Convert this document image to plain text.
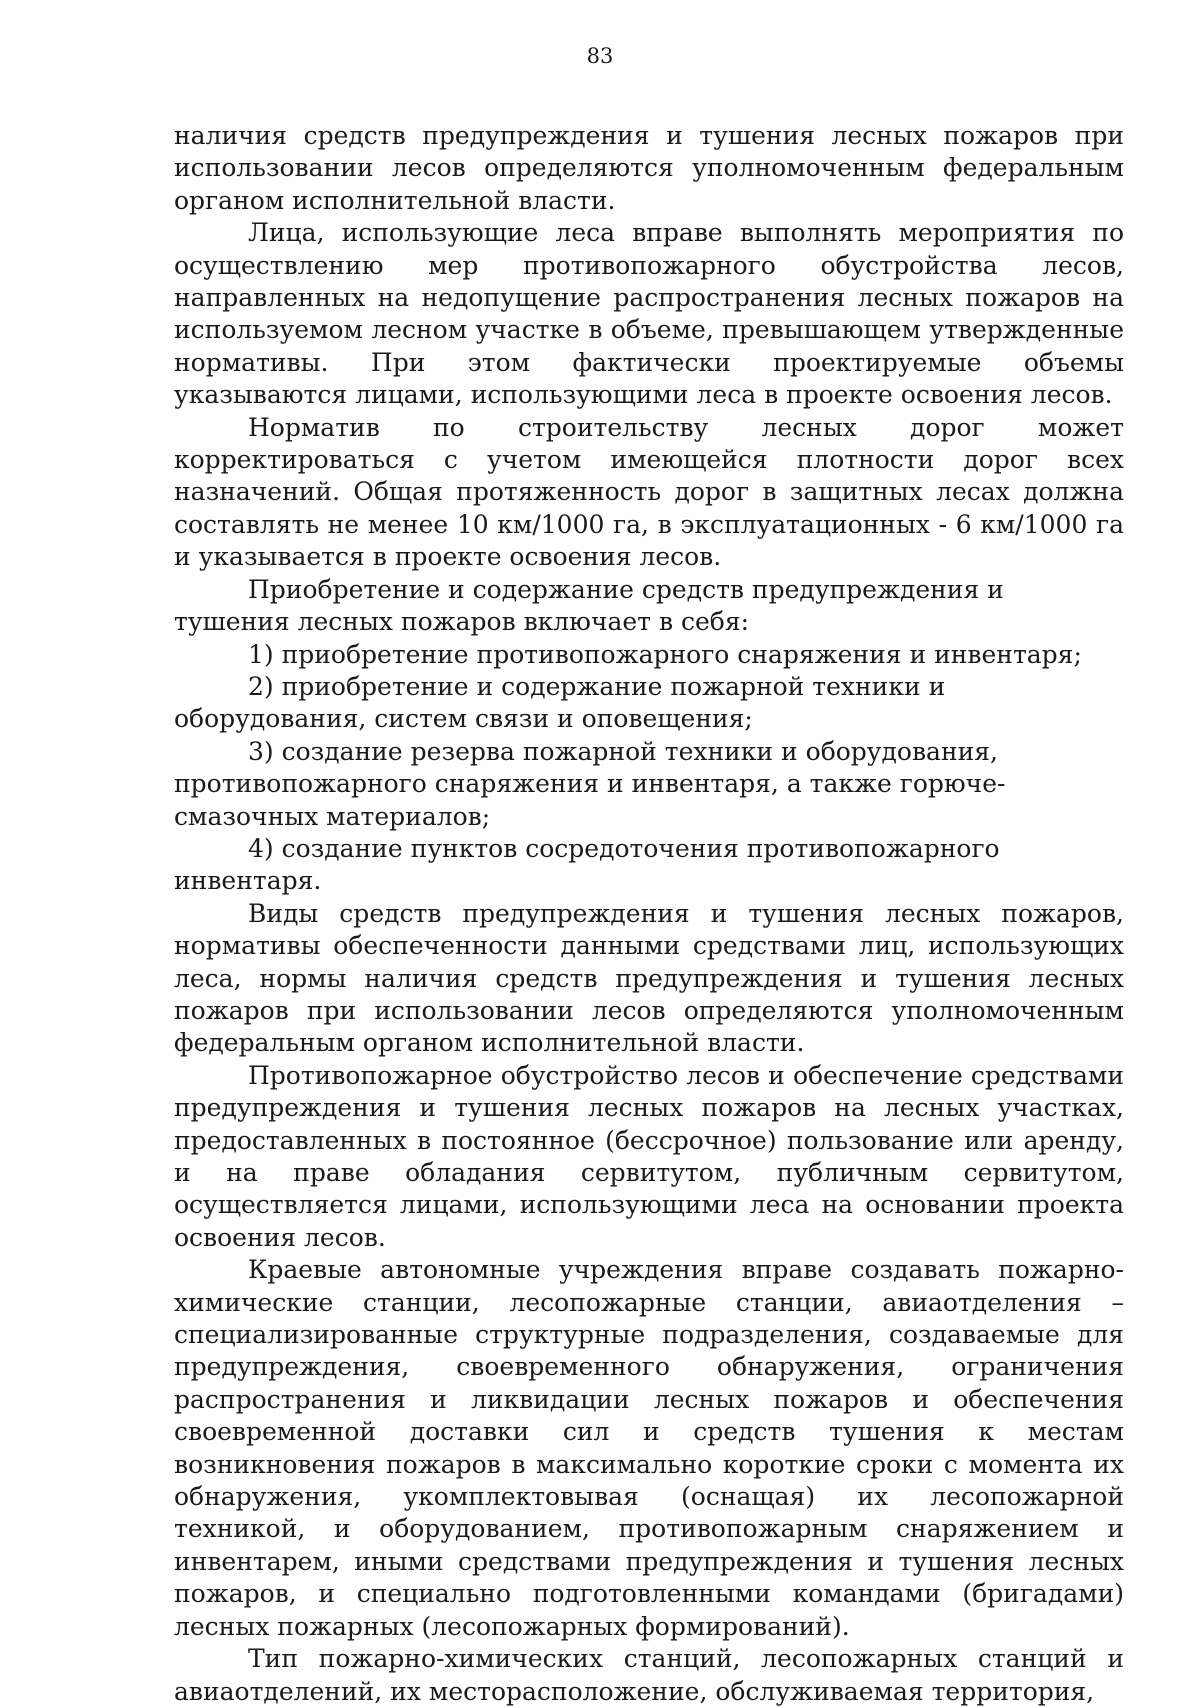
83

наличия средств предупреждения и тушения лесных пожаров при использовании лесов определяются уполномоченным федеральным органом исполнительной власти.

Лица, использующие леса вправе выполнять мероприятия по осуществлению мер противопожарного обустройства лесов, направленных на недопущение распространения лесных пожаров на используемом лесном участке в объеме, превышающем утвержденные нормативы. При этом фактически проектируемые объемы указываются лицами, использующими леса в проекте освоения лесов.

Норматив по строительству лесных дорог может корректироваться с учетом имеющейся плотности дорог всех назначений. Общая протяженность дорог в защитных лесах должна составлять не менее 10 км/1000 га, в эксплуатационных - 6 км/1000 га и указывается в проекте освоения лесов.

Приобретение и содержание средств предупреждения и тушения лесных пожаров включает в себя:

1) приобретение противопожарного снаряжения и инвентаря;

2) приобретение и содержание пожарной техники и оборудования, систем связи и оповещения;

3) создание резерва пожарной техники и оборудования, противопожарного снаряжения и инвентаря, а также горюче-смазочных материалов;

4) создание пунктов сосредоточения противопожарного инвентаря.

Виды средств предупреждения и тушения лесных пожаров, нормативы обеспеченности данными средствами лиц, использующих леса, нормы наличия средств предупреждения и тушения лесных пожаров при использовании лесов определяются уполномоченным федеральным органом исполнительной власти.

Противопожарное обустройство лесов и обеспечение средствами предупреждения и тушения лесных пожаров на лесных участках, предоставленных в постоянное (бессрочное) пользование или аренду, и на праве обладания сервитутом, публичным сервитутом, осуществляется лицами, использующими леса на основании проекта освоения лесов.

Краевые автономные учреждения вправе создавать пожарно-химические станции, лесопожарные станции, авиаотделения – специализированные структурные подразделения, создаваемые для предупреждения, своевременного обнаружения, ограничения распространения и ликвидации лесных пожаров и обеспечения своевременной доставки сил и средств тушения к местам возникновения пожаров в максимально короткие сроки с момента их обнаружения, укомплектовывая (оснащая) их лесопожарной техникой, и оборудованием, противопожарным снаряжением и инвентарем, иными средствами предупреждения и тушения лесных пожаров, и специально подготовленными командами (бригадами) лесных пожарных (лесопожарных формирований).

Тип пожарно-химических станций, лесопожарных станций и авиаотделений, их месторасположение, обслуживаемая территория,
